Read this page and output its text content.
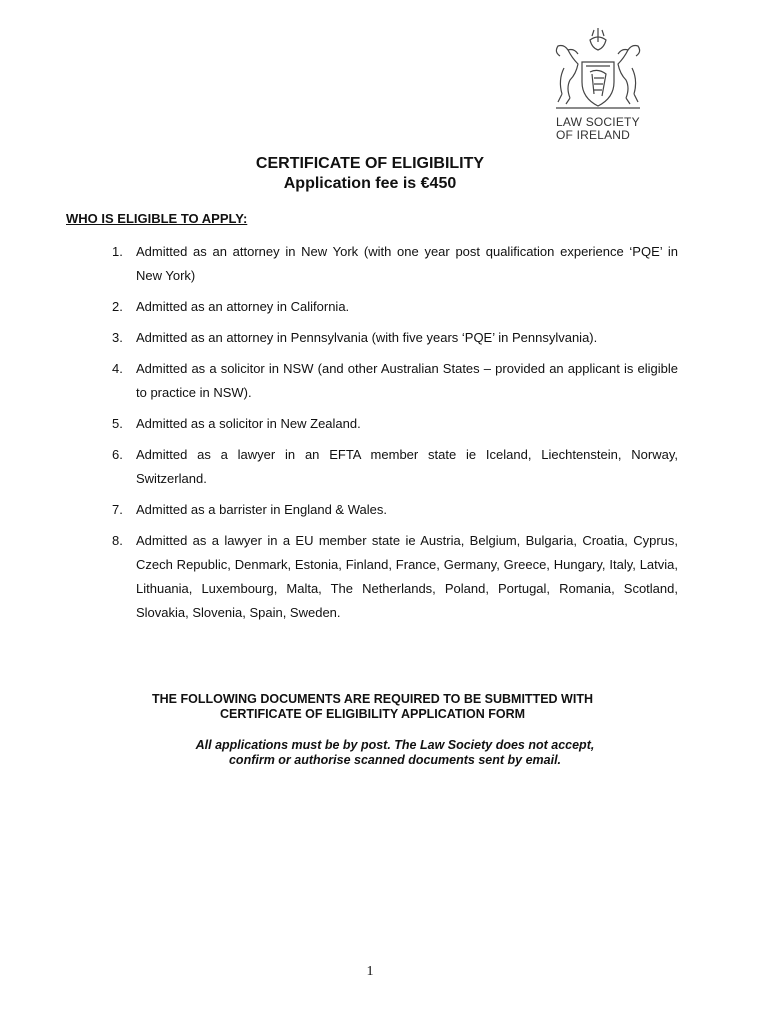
LAW SOCIETY
OF IRELAND
CERTIFICATE OF ELIGIBILITY
Application fee is €450
WHO IS ELIGIBLE TO APPLY:
1. Admitted as an attorney in New York (with one year post qualification experience ‘PQE’ in New York)
2. Admitted as an attorney in California.
3. Admitted as an attorney in Pennsylvania (with five years ‘PQE’ in Pennsylvania).
4. Admitted as a solicitor in NSW (and other Australian States – provided an applicant is eligible to practice in NSW).
5. Admitted as a solicitor in New Zealand.
6. Admitted as a lawyer in an EFTA member state ie Iceland, Liechtenstein, Norway, Switzerland.
7. Admitted as a barrister in England & Wales.
8. Admitted as a lawyer in a EU member state ie Austria, Belgium, Bulgaria, Croatia, Cyprus, Czech Republic, Denmark, Estonia, Finland, France, Germany, Greece, Hungary, Italy, Latvia, Lithuania, Luxembourg, Malta, The Netherlands, Poland, Portugal, Romania, Scotland, Slovakia, Slovenia, Spain, Sweden.
THE FOLLOWING DOCUMENTS ARE REQUIRED TO BE SUBMITTED WITH
CERTIFICATE OF ELIGIBILITY APPLICATION FORM
All applications must be by post. The Law Society does not accept,
confirm or authorise scanned documents sent by email.
1
